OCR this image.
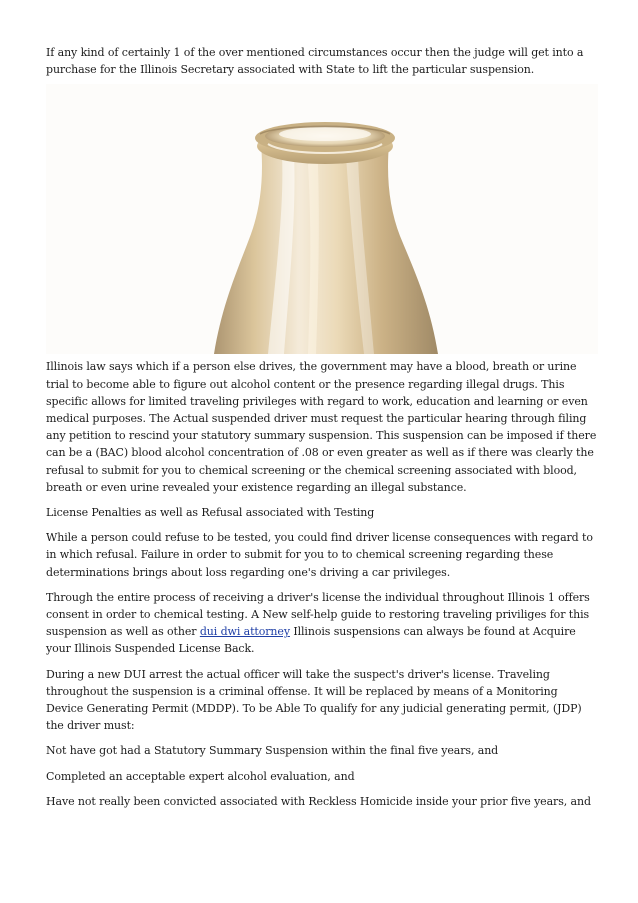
If any kind of certainly 1 of the over mentioned circumstances occur then the judge will get into a purchase for the Illinois Secretary associated with State to lift the particular suspension.

Illinois law says which if a person else drives, the government may have a blood, breath or urine trial to become able to figure out alcohol content or the presence regarding illegal drugs. This specific allows for limited traveling privileges with regard to work, education and learning or even medical purposes. The Actual suspended driver must request the particular hearing through filing any petition to rescind your statutory summary suspension. This suspension can be imposed if there can be a (BAC) blood alcohol concentration of .08 or even greater as well as if there was clearly the refusal to submit for you to chemical screening or the chemical screening associated with blood, breath or even urine revealed your existence regarding an illegal substance.

License Penalties as well as Refusal associated with Testing

While a person could refuse to be tested, you could find driver license consequences with regard to in which refusal. Failure in order to submit for you to to chemical screening regarding these determinations brings about loss regarding one's driving a car privileges.

Through the entire process of receiving a driver's license the individual throughout Illinois 1 offers consent in order to chemical testing. A New self-help guide to restoring traveling priviliges for this suspension as well as other dui dwi attorney Illinois suspensions can always be found at Acquire your Illinois Suspended License Back.

During a new DUI arrest the actual officer will take the suspect's driver's license. Traveling throughout the suspension is a criminal offense. It will be replaced by means of a Monitoring Device Generating Permit (MDDP). To be Able To qualify for any judicial generating permit, (JDP) the driver must:

Not have got had a Statutory Summary Suspension within the final five years, and

Completed an acceptable expert alcohol evaluation, and

Have not really been convicted associated with Reckless Homicide inside your prior five years, and
